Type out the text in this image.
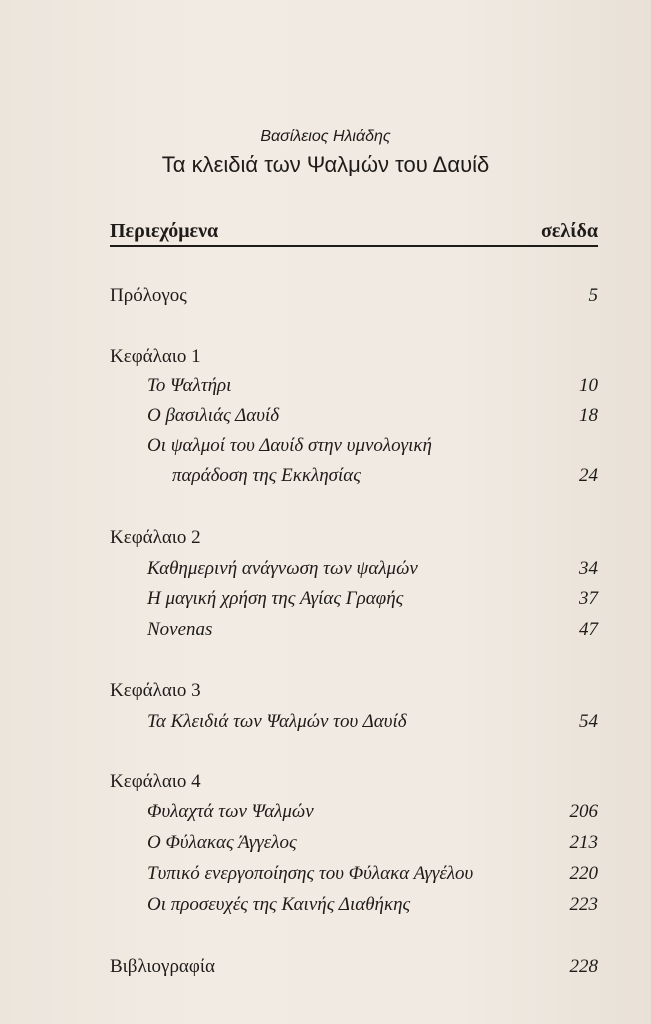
Βασίλειος Ηλιάδης
Τα κλειδιά των Ψαλμών του Δαυίδ
Περιεχόμενα	σελίδα
Πρόλογος	5
Κεφάλαιο 1
Το Ψαλτήρι	10
Ο βασιλιάς Δαυίδ	18
Οι ψαλμοί του Δαυίδ στην υμνολογική
παράδοση της Εκκλησίας	24
Κεφάλαιο 2
Καθημερινή ανάγνωση των ψαλμών	34
Η μαγική χρήση της Αγίας Γραφής	37
Novenas	47
Κεφάλαιο 3
Τα Κλειδιά των Ψαλμών του Δαυίδ	54
Κεφάλαιο 4
Φυλαχτά των Ψαλμών	206
Ο Φύλακας Άγγελος	213
Τυπικό ενεργοποίησης του Φύλακα Αγγέλου	220
Οι προσευχές της Καινής Διαθήκης	223
Βιβλιογραφία	228
